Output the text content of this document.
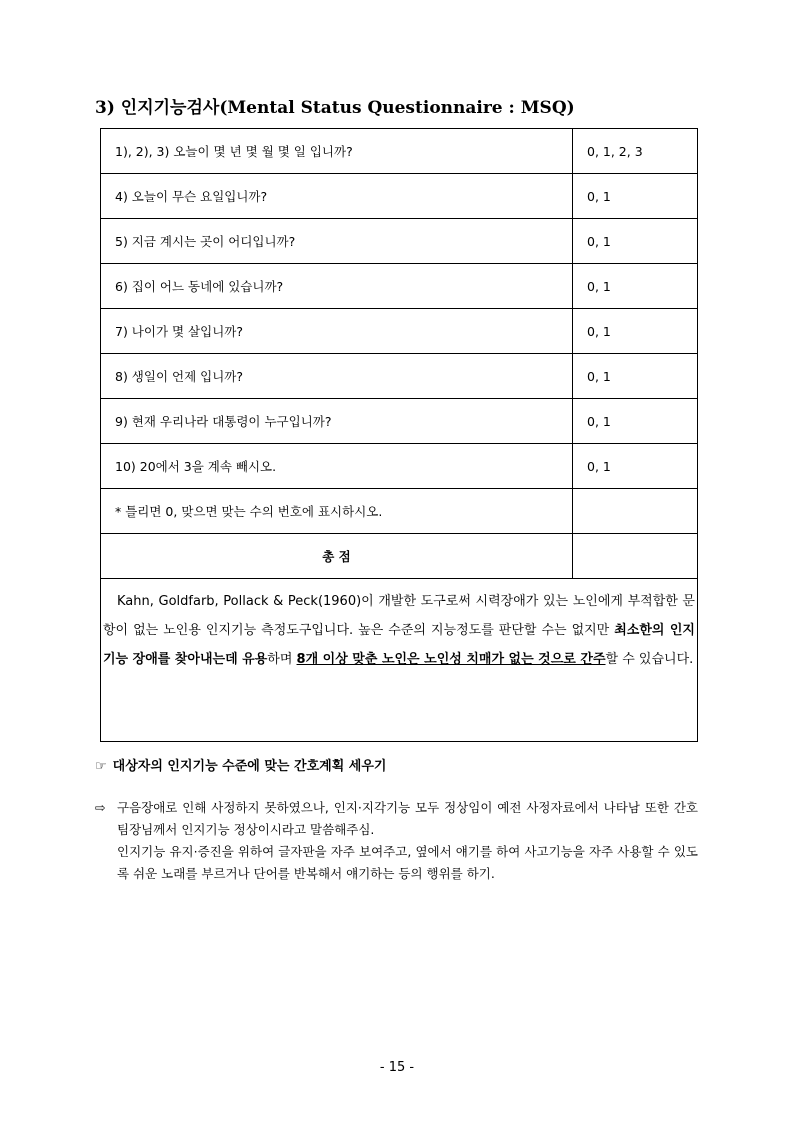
3) 인지기능검사(Mental Status Questionnaire : MSQ)
1), 2), 3) 오늘이 몇 년 몇 월 몇 일 입니까?	0, 1, 2, 3
4) 오늘이 무슨 요일입니까?	0, 1
5) 지금 계시는 곳이 어디입니까?	0, 1
6) 집이 어느 동네에 있습니까?	0, 1
7) 나이가 몇 살입니까?	0, 1
8) 생일이 언제 입니까?	0, 1
9) 현재 우리나라 대통령이 누구입니까?	0, 1
10) 20에서 3을 계속 빼시오.	0, 1
* 틀리면 0, 맞으면 맞는 수의 번호에 표시하시오.	
총 점	

Kahn, Goldfarb, Pollack & Peck(1960)이 개발한 도구로써 시력장애가 있는 노인에게 부적합한 문항이 없는 노인용 인지기능 측정도구입니다. 높은 수준의 지능정도를 판단할 수는 없지만 최소한의 인지기능 장애를 찾아내는데 유용하며 8개 이상 맞춘 노인은 노인성 치매가 없는 것으로 간주할 수 있습니다.	
☞ 대상자의 인지기능 수준에 맞는 간호계획 세우기
⇨ 구음장애로 인해 사정하지 못하였으나, 인지·지각기능 모두 정상임이 예전 사정자료에서 나타남 또한 간호팀장님께서 인지기능 정상이시라고 말씀해주심.
인지기능 유지·증진을 위하여 글자판을 자주 보여주고, 옆에서 얘기를 하여 사고기능을 자주 사용할 수 있도록 쉬운 노래를 부르거나 단어를 반복해서 얘기하는 등의 행위를 하기.
- 15 -
